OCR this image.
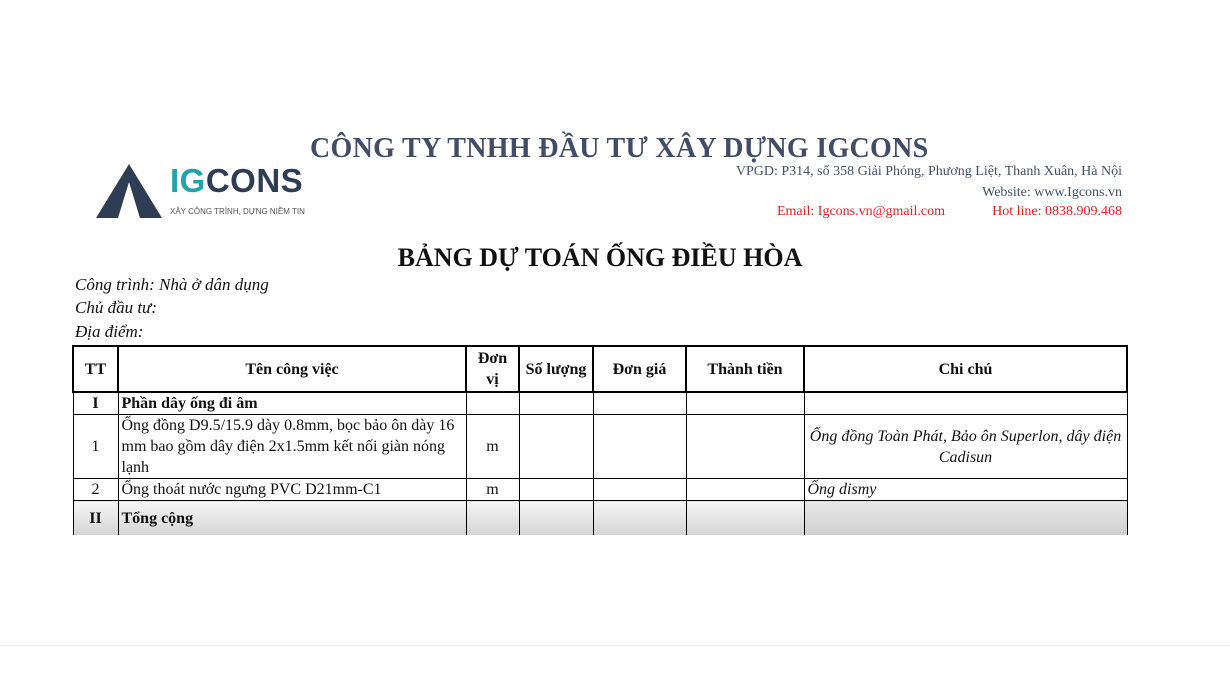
IGCONS
XÂY CÔNG TRÌNH, DỰNG NIỀM TIN
CÔNG TY TNHH ĐẦU TƯ XÂY DỰNG IGCONS
VPGD: P314, số 358 Giải Phóng, Phương Liệt, Thanh Xuân, Hà Nội
Website: www.Igcons.vn
Email: Igcons.vn@gmail.com	Hot line: 0838.909.468
BẢNG DỰ TOÁN ỐNG ĐIỀU HÒA
Công trình: Nhà ở dân dụng
Chủ đầu tư:
Địa điểm:
TT	Tên công việc	Đơn vị	Số lượng	Đơn giá	Thành tiền	Chi chú
I	Phần dây ống đi âm					
1	Ống đồng D9.5/15.9 dày 0.8mm, bọc bảo ôn dày 16 mm bao gồm dây điện 2x1.5mm kết nối giàn nóng lạnh	m				Ống đồng Toàn Phát, Bảo ôn Superlon, dây điện Cadisun
2	Ống thoát nước ngưng PVC D21mm-C1	m				Ống dismy
II	Tổng cộng					
